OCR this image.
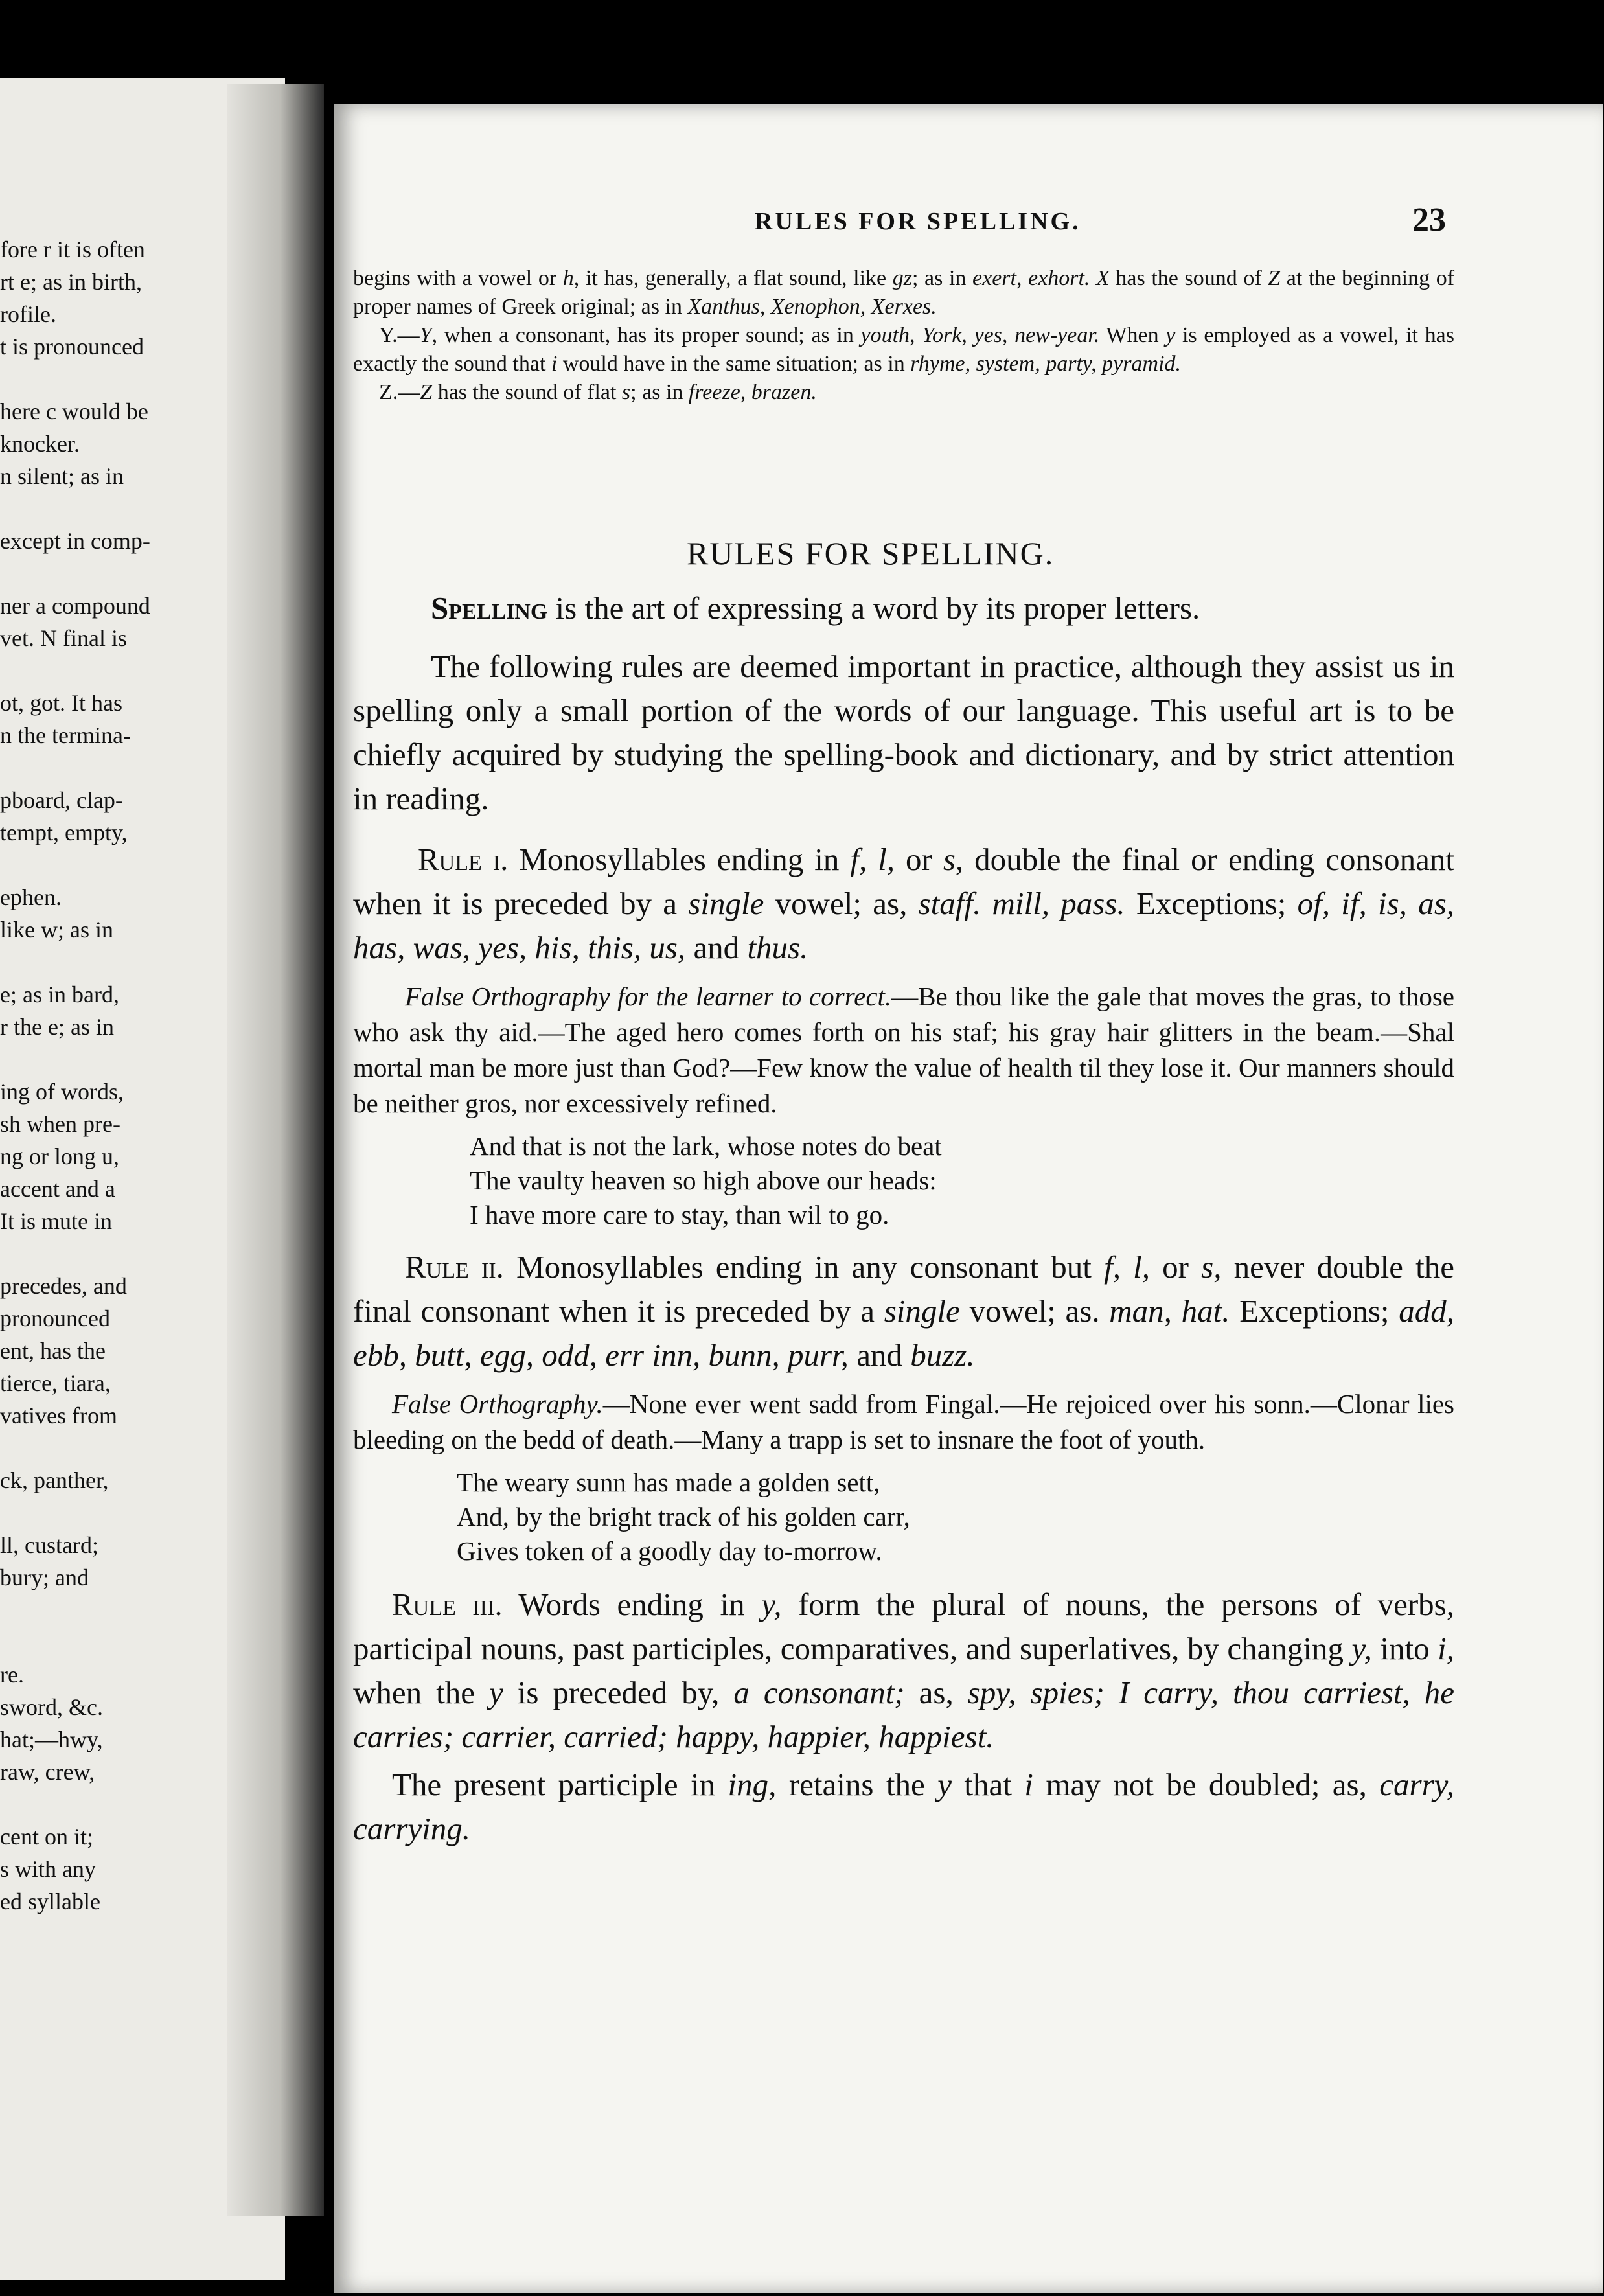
fore r it is often
rt e; as in birth,
rofile.
t is pronounced
here c would be
knocker.
n silent; as in
except in comp-
ner a compound
vet. N final is
ot, got. It has
n the termina-
pboard, clap-
tempt, empty,
ephen.
like w; as in
e; as in bard,
r the e; as in
ing of words,
sh when pre-
ng or long u,
accent and a
It is mute in
precedes, and
pronounced
ent, has the
tierce, tiara,
vatives from
ck, panther,
ll, custard;
bury; and
re.
sword, &c.
hat;—hwy,
raw, crew,
cent on it;
s with any
ed syllable
RULES FOR SPELLING.	23

begins with a vowel or h, it has, generally, a flat sound, like gz; as in exert, exhort. X has the sound of Z at the beginning of proper names of Greek original; as in Xanthus, Xenophon, Xerxes.

Y.—Y, when a consonant, has its proper sound; as in youth, York, yes, new-year. When y is employed as a vowel, it has exactly the sound that i would have in the same situation; as in rhyme, system, party, pyramid.

Z.—Z has the sound of flat s; as in freeze, brazen.

RULES FOR SPELLING.

Spelling is the art of expressing a word by its proper letters.

The following rules are deemed important in practice, although they assist us in spelling only a small portion of the words of our language. This useful art is to be chiefly acquired by studying the spelling-book and dictionary, and by strict attention in reading.

Rule i. Monosyllables ending in f, l, or s, double the final or ending consonant when it is preceded by a single vowel; as, staff. mill, pass. Exceptions; of, if, is, as, has, was, yes, his, this, us, and thus.

False Orthography for the learner to correct.—Be thou like the gale that moves the gras, to those who ask thy aid.—The aged hero comes forth on his staf; his gray hair glitters in the beam.—Shal mortal man be more just than God?—Few know the value of health til they lose it. Our manners should be neither gros, nor excessively refined.

And that is not the lark, whose notes do beat
The vaulty heaven so high above our heads:
I have more care to stay, than wil to go.

Rule ii. Monosyllables ending in any consonant but f, l, or s, never double the final consonant when it is preceded by a single vowel; as. man, hat. Exceptions; add, ebb, butt, egg, odd, err inn, bunn, purr, and buzz.

False Orthography.—None ever went sadd from Fingal.—He rejoiced over his sonn.—Clonar lies bleeding on the bedd of death.—Many a trapp is set to insnare the foot of youth.

The weary sunn has made a golden sett,
And, by the bright track of his golden carr,
Gives token of a goodly day to-morrow.

Rule iii. Words ending in y, form the plural of nouns, the persons of verbs, participal nouns, past participles, comparatives, and superlatives, by changing y, into i, when the y is preceded by, a consonant; as, spy, spies; I carry, thou carriest, he carries; carrier, carried; happy, happier, happiest.

The present participle in ing, retains the y that i may not be doubled; as, carry, carrying.
